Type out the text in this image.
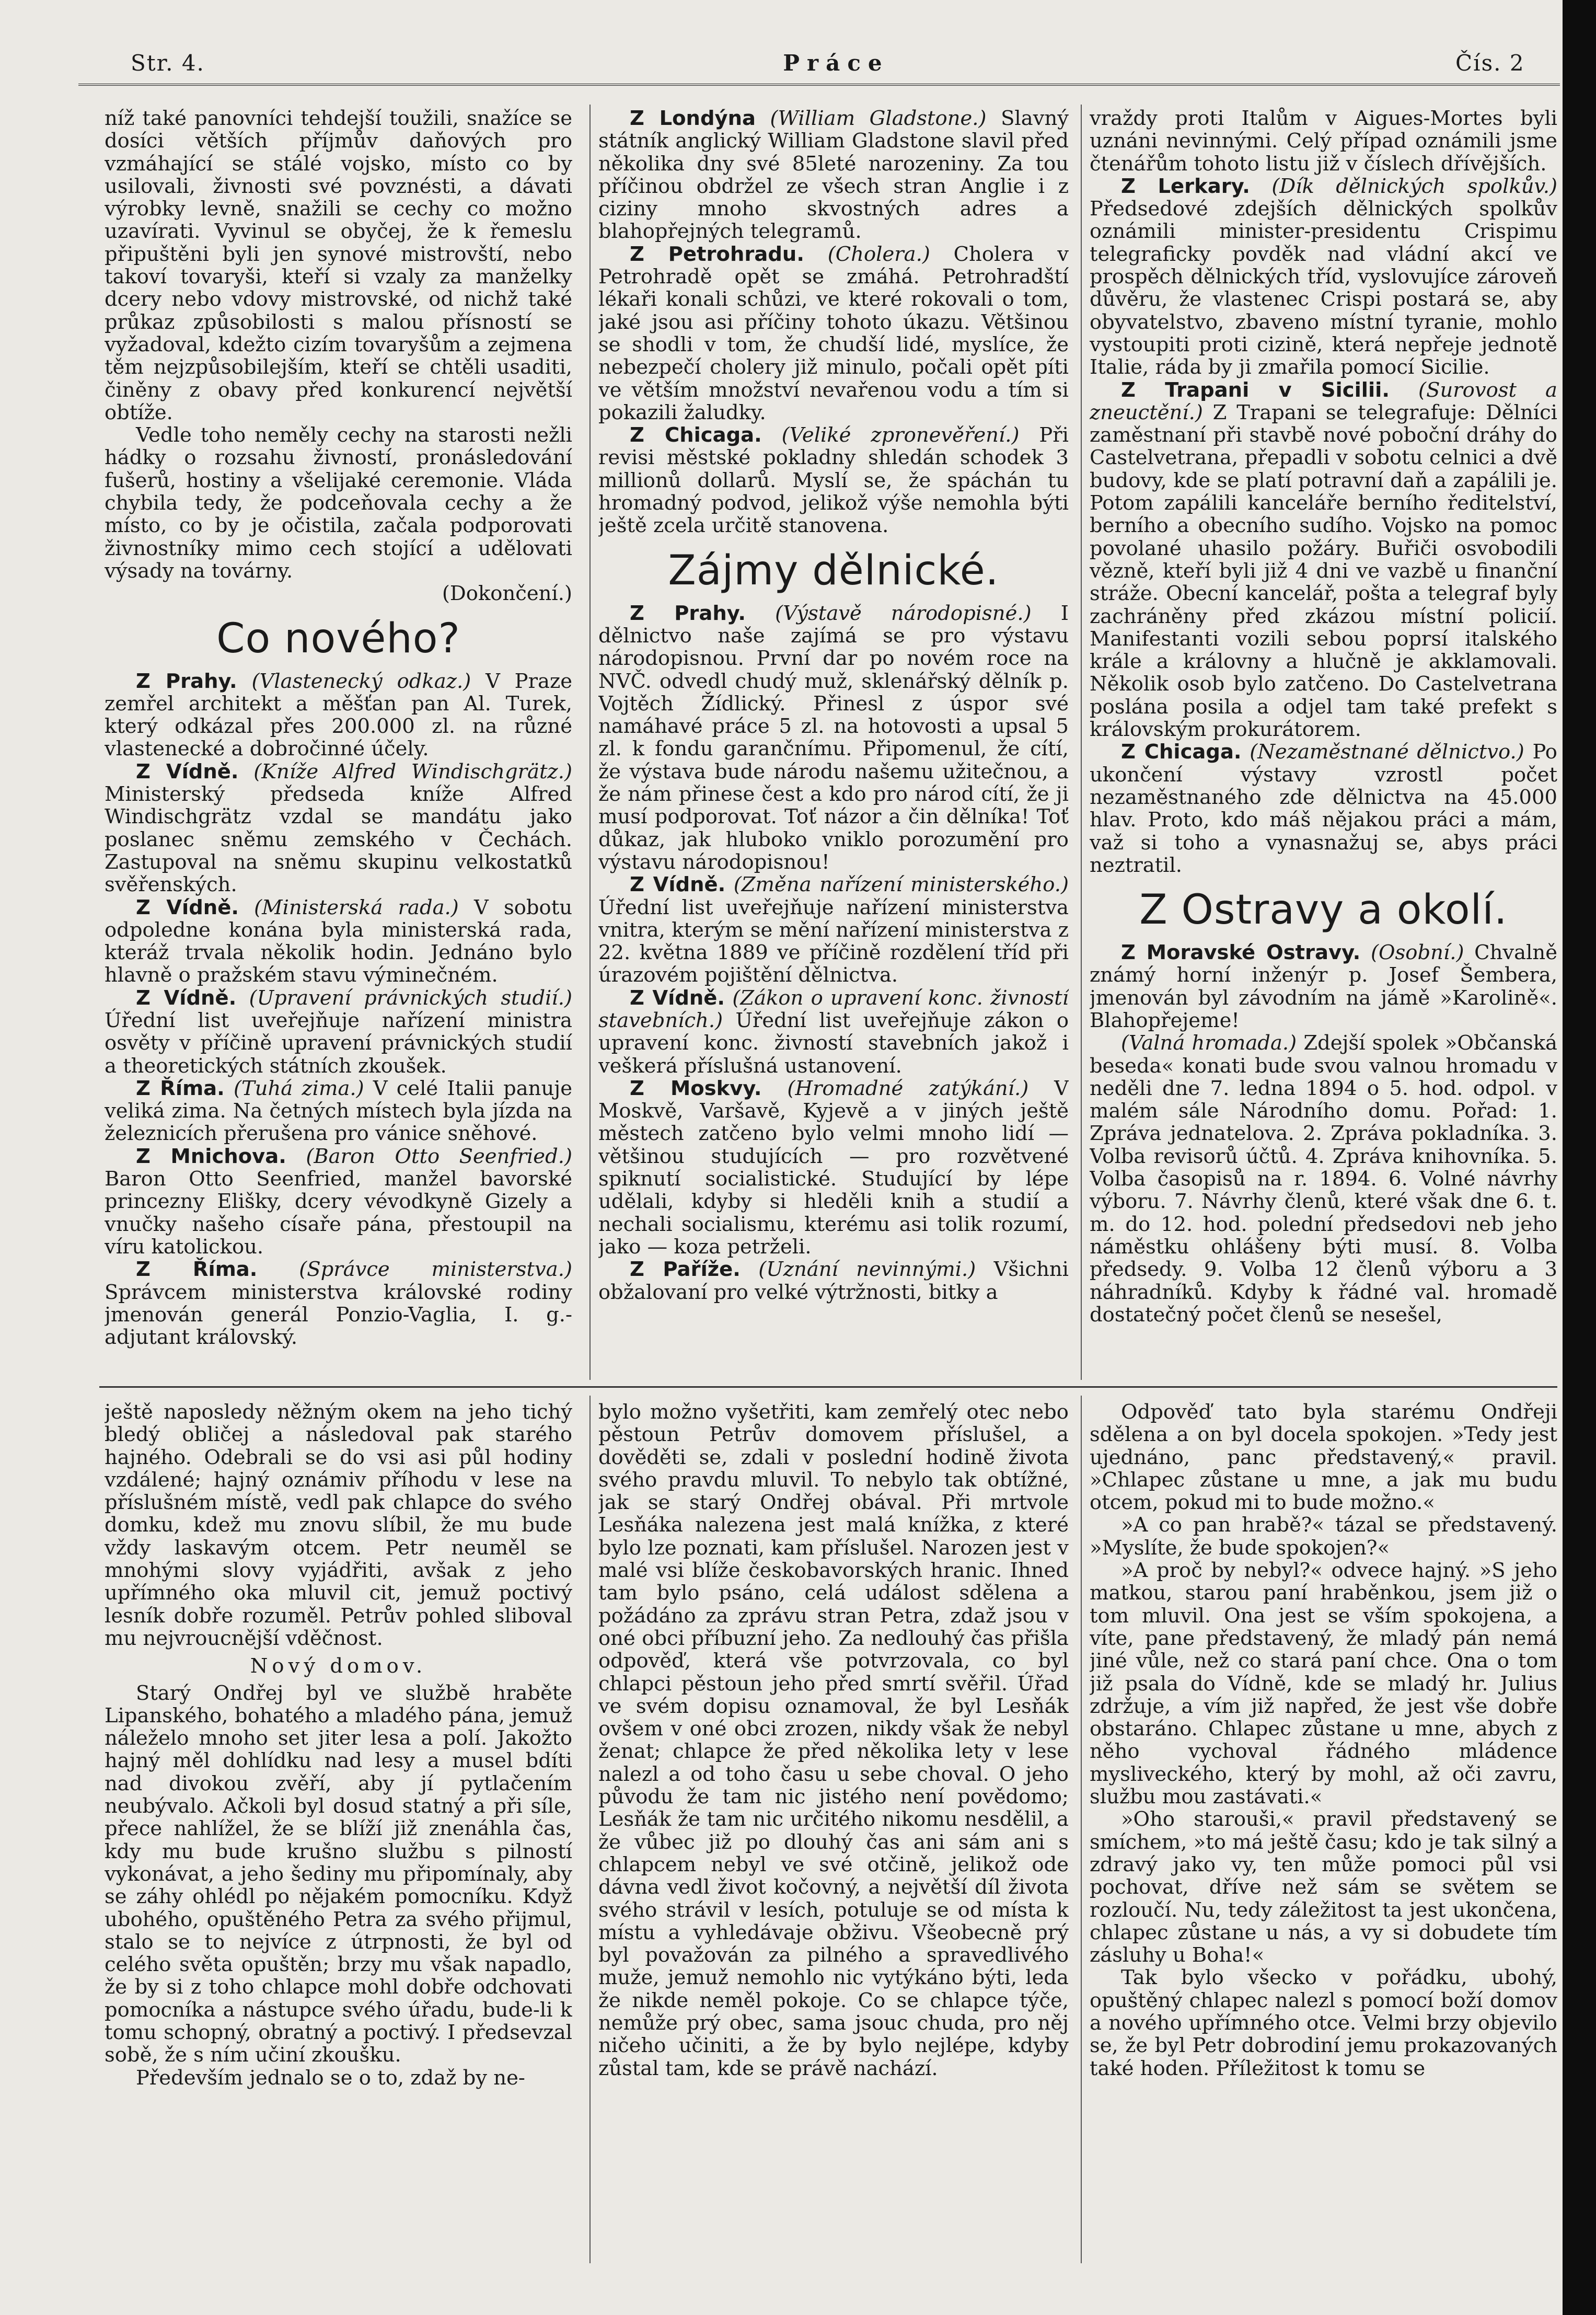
Str. 4.	Práce	Čís. 2

níž také panovníci tehdejší toužili, snažíce se dosíci větších příjmův daňových pro vzmáhající se stálé vojsko, místo co by usilovali, živnosti své povznésti, a dávati výrobky levně, snažili se cechy co možno uzavírati. Vyvinul se obyčej, že k řemeslu připuštěni byli jen synové mistrovští, nebo takoví tovaryši, kteří si vzaly za manželky dcery nebo vdovy mistrovské, od nichž také průkaz způsobilosti s malou přísností se vyžadoval, kdežto cizím tovaryšům a zejmena těm nejzpůsobilejším, kteří se chtěli usaditi, činěny z obavy před konkurencí největší obtíže.

Vedle toho neměly cechy na starosti nežli hádky o rozsahu živností, pronásledování fušerů, hostiny a všelijaké ceremonie. Vláda chybila tedy, že podceňovala cechy a že místo, co by je očistila, začala podporovati živnostníky mimo cech stojící a udělovati výsady na továrny.

(Dokončení.)

Co nového?

Z Prahy. (Vlastenecký odkaz.) V Praze zemřel architekt a měšťan pan Al. Turek, který odkázal přes 200.000 zl. na různé vlastenecké a dobročinné účely.

Z Vídně. (Kníže Alfred Windischgrätz.) Ministerský předseda kníže Alfred Windischgrätz vzdal se mandátu jako poslanec sněmu zemského v Čechách. Zastupoval na sněmu skupinu velkostatků svěřenských.

Z Vídně. (Ministerská rada.) V sobotu odpoledne konána byla ministerská rada, kteráž trvala několik hodin. Jednáno bylo hlavně o pražském stavu výminečném.

Z Vídně. (Upravení právnických studií.) Úřední list uveřejňuje nařízení ministra osvěty v příčině upravení právnických studií a theoretických státních zkoušek.

Z Říma. (Tuhá zima.) V celé Italii panuje veliká zima. Na četných místech byla jízda na železnicích přerušena pro vánice sněhové.

Z Mnichova. (Baron Otto Seenfried.) Baron Otto Seenfried, manžel bavorské princezny Elišky, dcery vévodkyně Gizely a vnučky našeho císaře pána, přestoupil na víru katolickou.

Z Říma. (Správce ministerstva.) Správcem ministerstva královské rodiny jmenován generál Ponzio-Vaglia, I. g.-adjutant královský.

Z Londýna (William Gladstone.) Slavný státník anglický William Gladstone slavil před několika dny své 85leté narozeniny. Za tou příčinou obdržel ze všech stran Anglie i z ciziny mnoho skvostných adres a blahopřejných telegramů.

Z Petrohradu. (Cholera.) Cholera v Petrohradě opět se zmáhá. Petrohradští lékaři konali schůzi, ve které rokovali o tom, jaké jsou asi příčiny tohoto úkazu. Většinou se shodli v tom, že chudší lidé, myslíce, že nebezpečí cholery již minulo, počali opět píti ve větším množství nevařenou vodu a tím si pokazili žaludky.

Z Chicaga. (Veliké zpronevěření.) Při revisi městské pokladny shledán schodek 3 millionů dollarů. Myslí se, že spáchán tu hromadný podvod, jelikož výše nemohla býti ještě zcela určitě stanovena.

Zájmy dělnické.

Z Prahy. (Výstavě národopisné.) I dělnictvo naše zajímá se pro výstavu národopisnou. První dar po novém roce na NVČ. odvedl chudý muž, sklenářský dělník p. Vojtěch Žídlický. Přinesl z úspor své namáhavé práce 5 zl. na hotovosti a upsal 5 zl. k fondu garančnímu. Připomenul, že cítí, že výstava bude národu našemu užitečnou, a že nám přinese čest a kdo pro národ cítí, že ji musí podporovat. Toť názor a čin dělníka! Toť důkaz, jak hluboko vniklo porozumění pro výstavu národopisnou!

Z Vídně. (Změna nařízení ministerského.) Úřední list uveřejňuje nařízení ministerstva vnitra, kterým se mění nařízení ministerstva z 22. května 1889 ve příčině rozdělení tříd při úrazovém pojištění dělnictva.

Z Vídně. (Zákon o upravení konc. živností stavebních.) Úřední list uveřejňuje zákon o upravení konc. živností stavebních jakož i veškerá příslušná ustanovení.

Z Moskvy. (Hromadné zatýkání.) V Moskvě, Varšavě, Kyjevě a v jiných ještě městech zatčeno bylo velmi mnoho lidí — většinou studujících — pro rozvětvené spiknutí socialistické. Studující by lépe udělali, kdyby si hleděli knih a studií a nechali socialismu, kterému asi tolik rozumí, jako — koza petrželi.

Z Paříže. (Uznání nevinnými.) Všichni obžalovaní pro velké výtržnosti, bitky a

vraždy proti Italům v Aigues-Mortes byli uznáni nevinnými. Celý případ oznámili jsme čtenářům tohoto listu již v číslech dřívějších.

Z Lerkary. (Dík dělnických spolkův.) Předsedové zdejších dělnických spolkův oznámili minister-presidentu Crispimu telegraficky povděk nad vládní akcí ve prospěch dělnických tříd, vyslovujíce zároveň důvěru, že vlastenec Crispi postará se, aby obyvatelstvo, zbaveno místní tyranie, mohlo vystoupiti proti cizině, která nepřeje jednotě Italie, ráda by ji zmařila pomocí Sicilie.

Z Trapani v Sicilii. (Surovost a zneuctění.) Z Trapani se telegrafuje: Dělníci zaměstnaní při stavbě nové poboční dráhy do Castelvetrana, přepadli v sobotu celnici a dvě budovy, kde se platí potravní daň a zapálili je. Potom zapálili kanceláře berního ředitelství, berního a obecního sudího. Vojsko na pomoc povolané uhasilo požáry. Buřiči osvobodili vězně, kteří byli již 4 dni ve vazbě u finanční stráže. Obecní kancelář, pošta a telegraf byly zachráněny před zkázou místní policií. Manifestanti vozili sebou poprsí italského krále a královny a hlučně je akklamovali. Několik osob bylo zatčeno. Do Castelvetrana poslána posila a odjel tam také prefekt s královským prokurátorem.

Z Chicaga. (Nezaměstnané dělnictvo.) Po ukončení výstavy vzrostl počet nezaměstnaného zde dělnictva na 45.000 hlav. Proto, kdo máš nějakou práci a mám, važ si toho a vynasnažuj se, abys práci neztratil.

Z Ostravy a okolí.

Z Moravské Ostravy. (Osobní.) Chvalně známý horní inženýr p. Josef Šembera, jmenován byl závodním na jámě »Karolině«. Blahopřejeme!

(Valná hromada.) Zdejší spolek »Občanská beseda« konati bude svou valnou hromadu v neděli dne 7. ledna 1894 o 5. hod. odpol. v malém sále Národního domu. Pořad: 1. Zpráva jednatelova. 2. Zpráva pokladníka. 3. Volba revisorů účtů. 4. Zpráva knihovníka. 5. Volba časopisů na r. 1894. 6. Volné návrhy výboru. 7. Návrhy členů, které však dne 6. t. m. do 12. hod. polední předsedovi neb jeho náměstku ohlášeny býti musí. 8. Volba předsedy. 9. Volba 12 členů výboru a 3 náhradníků. Kdyby k řádné val. hromadě dostatečný počet členů se nesešel,

ještě naposledy něžným okem na jeho tichý bledý obličej a následoval pak starého hajného. Odebrali se do vsi asi půl hodiny vzdálené; hajný oznámiv příhodu v lese na příslušném místě, vedl pak chlapce do svého domku, kdež mu znovu slíbil, že mu bude vždy laskavým otcem. Petr neuměl se mnohými slovy vyjádřiti, avšak z jeho upřímného oka mluvil cit, jemuž poctivý lesník dobře rozuměl. Petrův pohled sliboval mu nejvroucnější vděčnost.

Nový domov.

Starý Ondřej byl ve službě hraběte Lipanského, bohatého a mladého pána, jemuž náleželo mnoho set jiter lesa a polí. Jakožto hajný měl dohlídku nad lesy a musel bdíti nad divokou zvěří, aby jí pytlačením neubývalo. Ačkoli byl dosud statný a při síle, přece nahlížel, že se blíží již znenáhla čas, kdy mu bude krušno službu s pilností vykonávat, a jeho šediny mu připomínaly, aby se záhy ohlédl po nějakém pomocníku. Když ubohého, opuštěného Petra za svého přijmul, stalo se to nejvíce z útrpnosti, že byl od celého světa opuštěn; brzy mu však napadlo, že by si z toho chlapce mohl dobře odchovati pomocníka a nástupce svého úřadu, bude-li k tomu schopný, obratný a poctivý. I předsevzal sobě, že s ním učiní zkoušku.

Především jednalo se o to, zdaž by ne-

bylo možno vyšetřiti, kam zemřelý otec nebo pěstoun Petrův domovem příslušel, a dověděti se, zdali v poslední hodině života svého pravdu mluvil. To nebylo tak obtížné, jak se starý Ondřej obával. Při mrtvole Lesňáka nalezena jest malá knížka, z které bylo lze poznati, kam příslušel. Narozen jest v malé vsi blíže českobavorských hranic. Ihned tam bylo psáno, celá událost sdělena a požádáno za zprávu stran Petra, zdaž jsou v oné obci příbuzní jeho. Za nedlouhý čas přišla odpověď, která vše potvrzovala, co byl chlapci pěstoun jeho před smrtí svěřil. Úřad ve svém dopisu oznamoval, že byl Lesňák ovšem v oné obci zrozen, nikdy však že nebyl ženat; chlapce že před několika lety v lese nalezl a od toho času u sebe choval. O jeho původu že tam nic jistého není povědomo; Lesňák že tam nic určitého nikomu nesdělil, a že vůbec již po dlouhý čas ani sám ani s chlapcem nebyl ve své otčině, jelikož ode dávna vedl život kočovný, a největší díl života svého strávil v lesích, potuluje se od místa k místu a vyhledávaje obživu. Všeobecně prý byl považován za pilného a spravedlivého muže, jemuž nemohlo nic vytýkáno býti, leda že nikde neměl pokoje. Co se chlapce týče, nemůže prý obec, sama jsouc chuda, pro něj ničeho učiniti, a že by bylo nejlépe, kdyby zůstal tam, kde se právě nachází.

Odpověď tato byla starému Ondřeji sdělena a on byl docela spokojen. »Tedy jest ujednáno, panc představený,« pravil. »Chlapec zůstane u mne, a jak mu budu otcem, pokud mi to bude možno.«

»A co pan hrabě?« tázal se představený. »Myslíte, že bude spokojen?«

»A proč by nebyl?« odvece hajný. »S jeho matkou, starou paní hraběnkou, jsem již o tom mluvil. Ona jest se vším spokojena, a víte, pane představený, že mladý pán nemá jiné vůle, než co stará paní chce. Ona o tom již psala do Vídně, kde se mladý hr. Julius zdržuje, a vím již napřed, že jest vše dobře obstaráno. Chlapec zůstane u mne, abych z něho vychoval řádného mládence mysliveckého, který by mohl, až oči zavru, službu mou zastávati.«

»Oho starouši,« pravil představený se smíchem, »to má ještě času; kdo je tak silný a zdravý jako vy, ten může pomoci půl vsi pochovat, dříve než sám se světem se rozloučí. Nu, tedy záležitost ta jest ukončena, chlapec zůstane u nás, a vy si dobudete tím zásluhy u Boha!«

Tak bylo všecko v pořádku, ubohý, opuštěný chlapec nalezl s pomocí boží domov a nového upřímného otce. Velmi brzy objevilo se, že byl Petr dobrodiní jemu prokazovaných také hoden. Příležitost k tomu se
